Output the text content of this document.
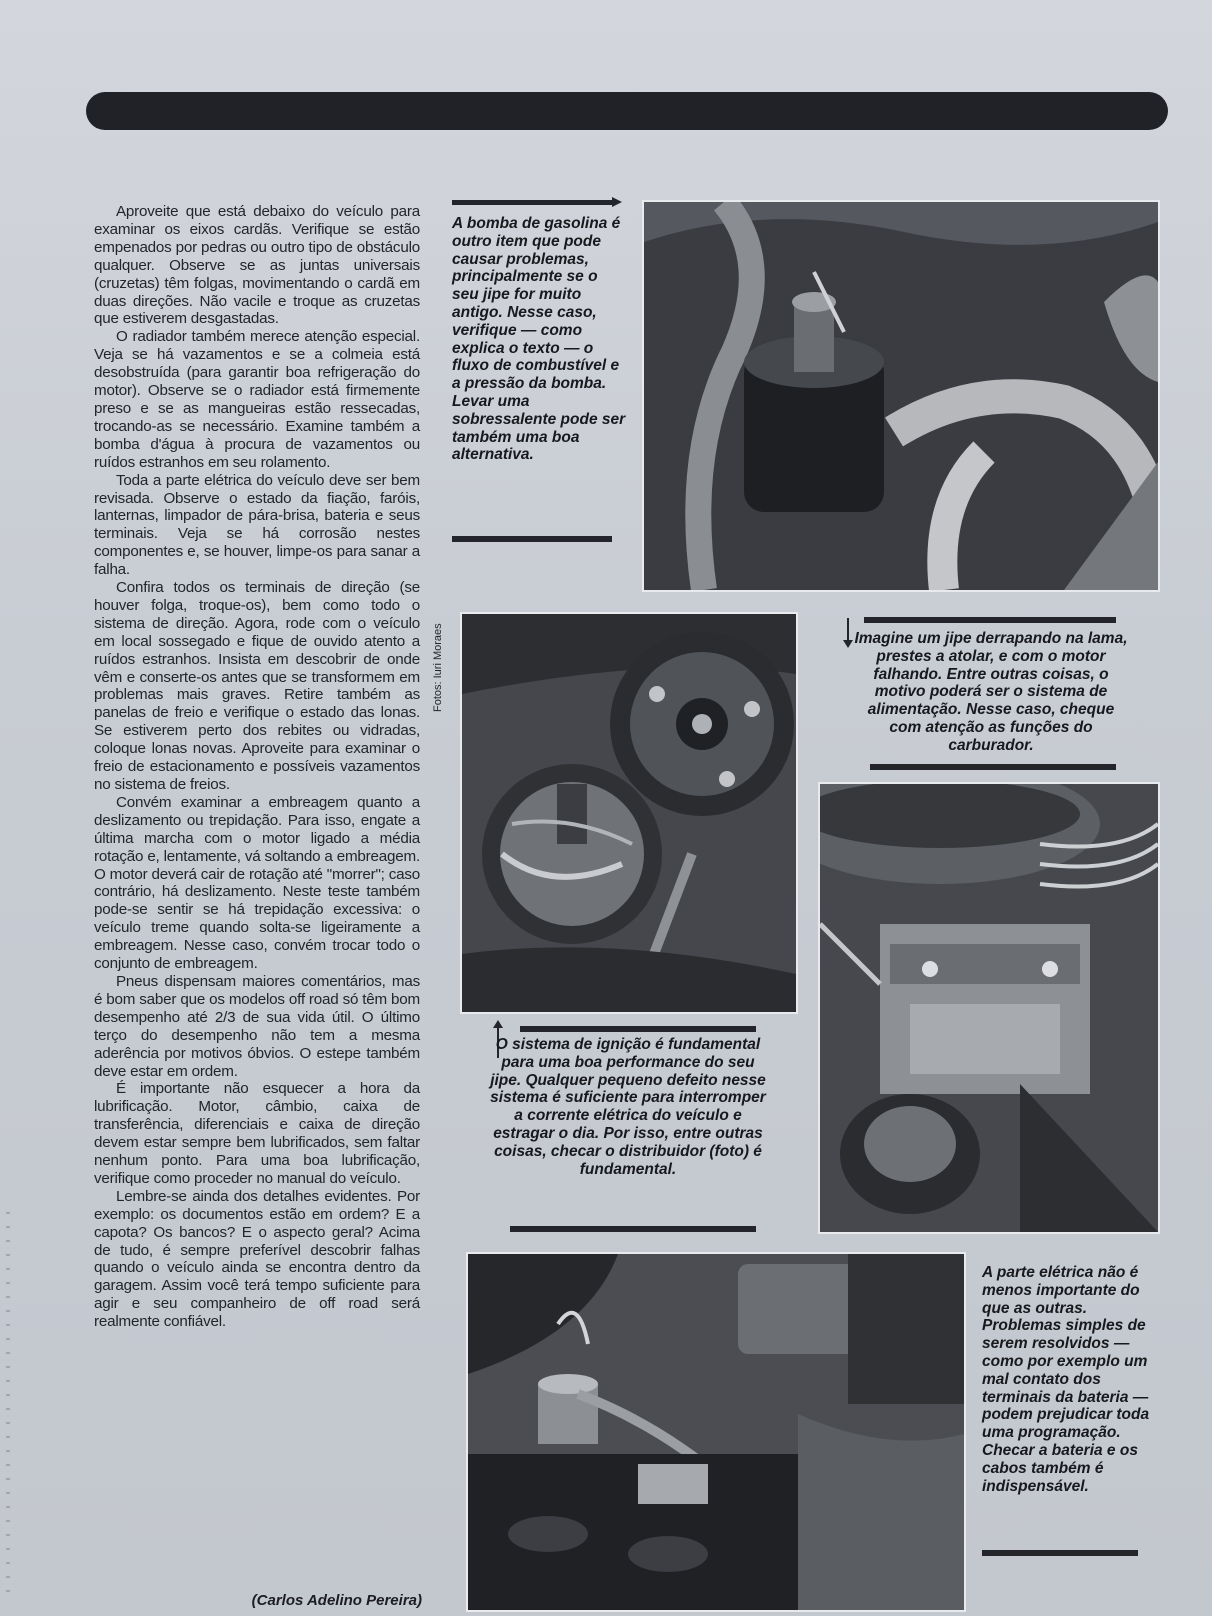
Aproveite que está debaixo do veículo para examinar os eixos cardãs. Verifique se estão empenados por pedras ou outro tipo de obstáculo qualquer. Observe se as juntas universais (cruzetas) têm folgas, movimentando o cardã em duas direções. Não vacile e troque as cruzetas que estiverem desgastadas.

O radiador também merece atenção especial. Veja se há vazamentos e se a colmeia está desobstruída (para garantir boa refrigeração do motor). Observe se o radiador está firmemente preso e se as mangueiras estão ressecadas, trocando-as se necessário. Examine também a bomba d'água à procura de vazamentos ou ruídos estranhos em seu rolamento.

Toda a parte elétrica do veículo deve ser bem revisada. Observe o estado da fiação, faróis, lanternas, limpador de pára-brisa, bateria e seus terminais. Veja se há corrosão nestes componentes e, se houver, limpe-os para sanar a falha.

Confira todos os terminais de direção (se houver folga, troque-os), bem como todo o sistema de direção. Agora, rode com o veículo em local sossegado e fique de ouvido atento a ruídos estranhos. Insista em descobrir de onde vêm e conserte-os antes que se transformem em problemas mais graves. Retire também as panelas de freio e verifique o estado das lonas. Se estiverem perto dos rebites ou vidradas, coloque lonas novas. Aproveite para examinar o freio de estacionamento e possíveis vazamentos no sistema de freios.

Convém examinar a embreagem quanto a deslizamento ou trepidação. Para isso, engate a última marcha com o motor ligado a média rotação e, lentamente, vá soltando a embreagem. O motor deverá cair de rotação até "morrer"; caso contrário, há deslizamento. Neste teste também pode-se sentir se há trepidação excessiva: o veículo treme quando solta-se ligeiramente a embreagem. Nesse caso, convém trocar todo o conjunto de embreagem.

Pneus dispensam maiores comentários, mas é bom saber que os modelos off road só têm bom desempenho até 2/3 de sua vida útil. O último terço do desempenho não tem a mesma aderência por motivos óbvios. O estepe também deve estar em ordem.

É importante não esquecer a hora da lubrificação. Motor, câmbio, caixa de transferência, diferenciais e caixa de direção devem estar sempre bem lubrificados, sem faltar nenhum ponto. Para uma boa lubrificação, verifique como proceder no manual do veículo.

Lembre-se ainda dos detalhes evidentes. Por exemplo: os documentos estão em ordem? E a capota? Os bancos? E o aspecto geral? Acima de tudo, é sempre preferível descobrir falhas quando o veículo ainda se encontra dentro da garagem. Assim você terá tempo suficiente para agir e seu companheiro de off road será realmente confiável.

(Carlos Adelino Pereira)
A bomba de gasolina é outro item que pode causar problemas, principalmente se o seu jipe for muito antigo. Nesse caso, verifique — como explica o texto — o fluxo de combustível e a pressão da bomba. Levar uma sobressalente pode ser também uma boa alternativa.
Fotos: Iuri Moraes	Imagine um jipe derrapando na lama, prestes a atolar, e com o motor falhando. Entre outras coisas, o motivo poderá ser o sistema de alimentação. Nesse caso, cheque com atenção as funções do carburador.
O sistema de ignição é fundamental para uma boa performance do seu jipe. Qualquer pequeno defeito nesse sistema é suficiente para interromper a corrente elétrica do veículo e estragar o dia. Por isso, entre outras coisas, checar o distribuidor (foto) é fundamental.
A parte elétrica não é menos importante do que as outras. Problemas simples de serem resolvidos — como por exemplo um mal contato dos terminais da bateria — podem prejudicar toda uma programação. Checar a bateria e os cabos também é indispensável.
